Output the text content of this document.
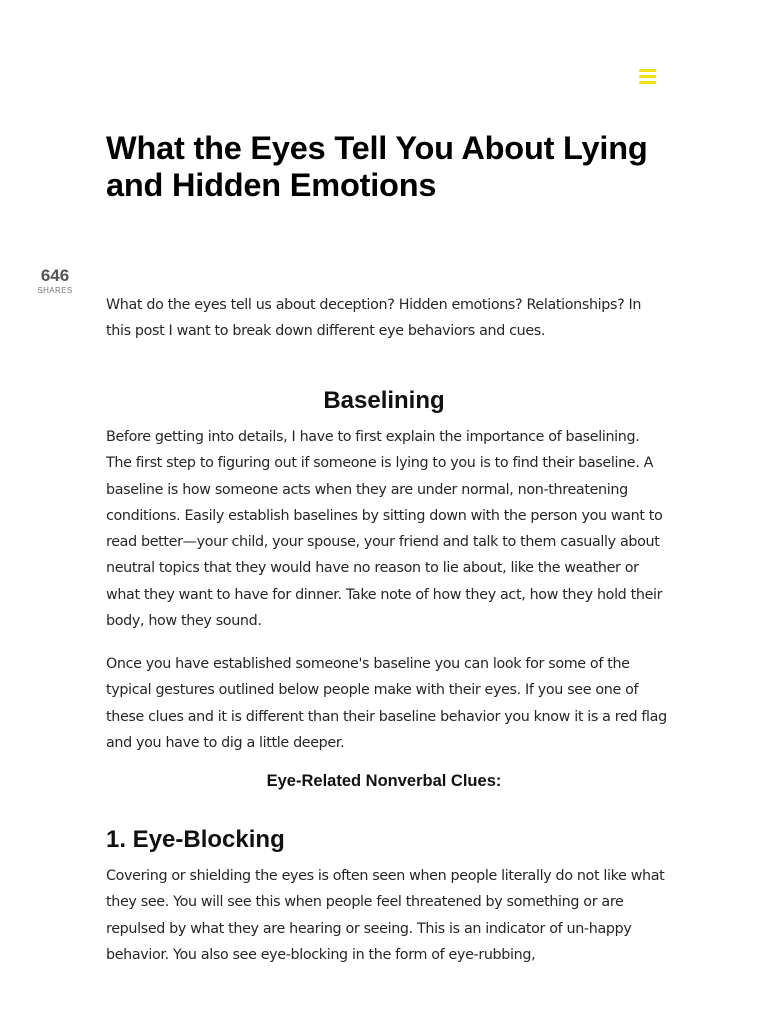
646
SHARES
What the Eyes Tell You About Lying and Hidden Emotions

What do the eyes tell us about deception? Hidden emotions? Relationships? In this post I want to break down different eye behaviors and cues.

Baselining

Before getting into details, I have to first explain the importance of baselining. The first step to figuring out if someone is lying to you is to find their baseline. A baseline is how someone acts when they are under normal, non-threatening conditions. Easily establish baselines by sitting down with the person you want to read better—your child, your spouse, your friend and talk to them casually about neutral topics that they would have no reason to lie about, like the weather or what they want to have for dinner. Take note of how they act, how they hold their body, how they sound.

Once you have established someone's baseline you can look for some of the typical gestures outlined below people make with their eyes. If you see one of these clues and it is different than their baseline behavior you know it is a red flag and you have to dig a little deeper.

Eye-Related Nonverbal Clues:
1. Eye-Blocking

Covering or shielding the eyes is often seen when people literally do not like what they see. You will see this when people feel threatened by something or are repulsed by what they are hearing or seeing. This is an indicator of un-happy behavior. You also see eye-blocking in the form of eye-rubbing,
